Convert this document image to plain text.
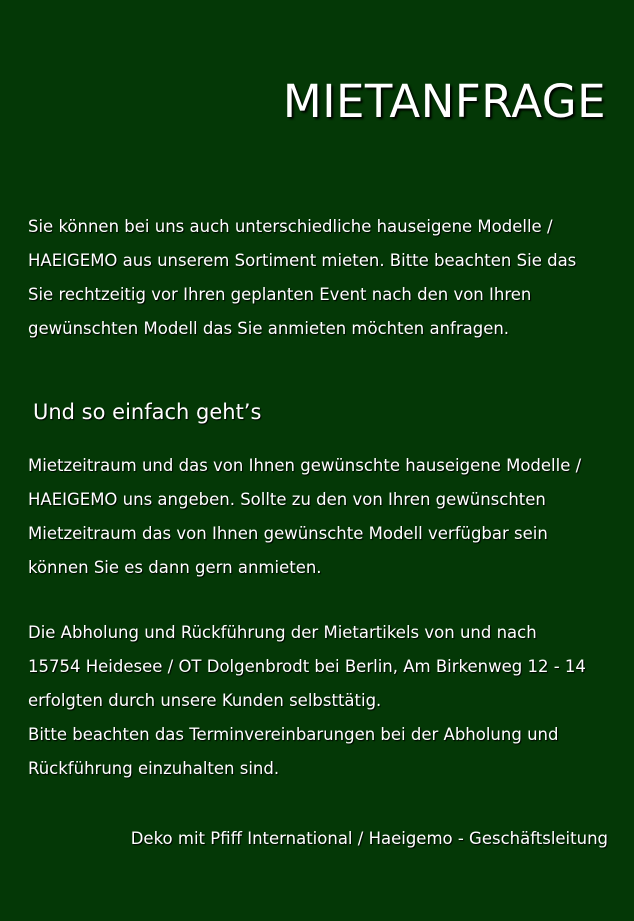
MIETANFRAGE

Sie können bei uns auch unterschiedliche hauseigene Modelle /
HAEIGEMO aus unserem Sortiment mieten. Bitte beachten Sie das
Sie rechtzeitig vor Ihren geplanten Event nach den von Ihren
gewünschten Modell das Sie anmieten möchten anfragen.

Und so einfach geht’s

Mietzeitraum und das von Ihnen gewünschte hauseigene Modelle /
HAEIGEMO uns angeben. Sollte zu den von Ihren gewünschten
Mietzeitraum das von Ihnen gewünschte Modell verfügbar sein
können Sie es dann gern anmieten.

Die Abholung und Rückführung der Mietartikels von und nach
15754 Heidesee / OT Dolgenbrodt bei Berlin, Am Birkenweg 12 - 14
erfolgten durch unsere Kunden selbsttätig.
Bitte beachten das Terminvereinbarungen bei der Abholung und
Rückführung einzuhalten sind.

Deko mit Pfiff International / Haeigemo - Geschäftsleitung
